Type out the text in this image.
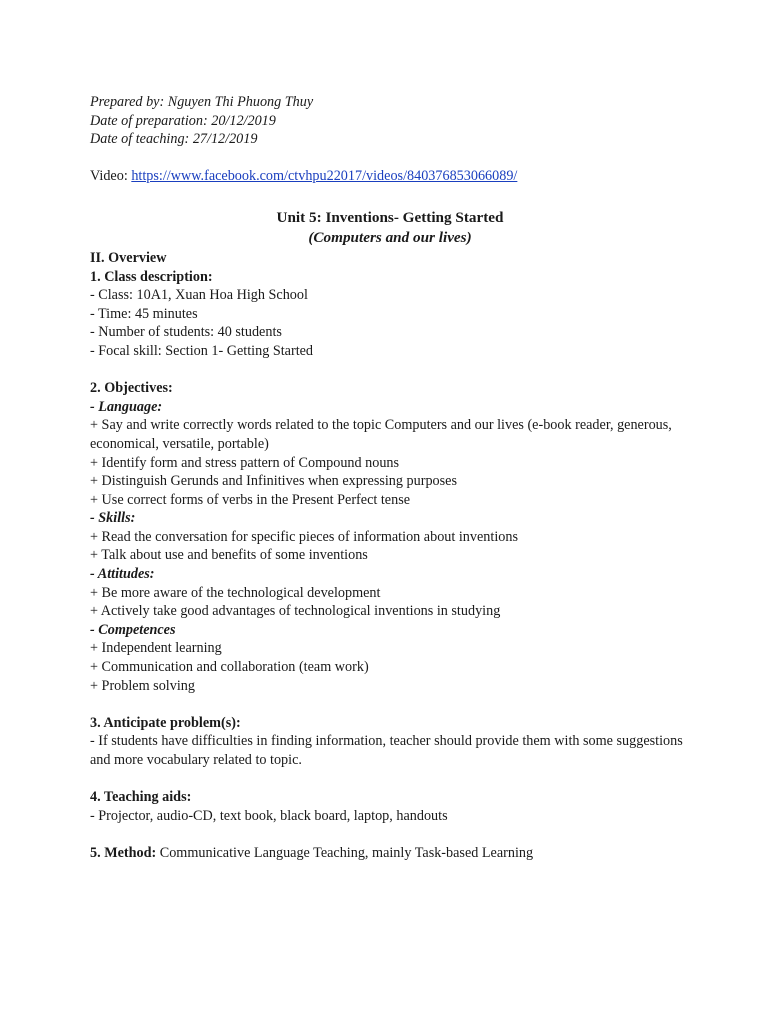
Prepared by: Nguyen Thi Phuong Thuy
Date of preparation: 20/12/2019
Date of teaching: 27/12/2019
Video: https://www.facebook.com/ctvhpu22017/videos/840376853066089/
Unit 5: Inventions- Getting Started
(Computers and our lives)
II. Overview
1. Class description:
- Class: 10A1, Xuan Hoa High School
- Time: 45 minutes
- Number of students: 40 students
- Focal skill: Section 1- Getting Started
2. Objectives:
- Language:
+ Say and write correctly words related to the topic Computers and our lives (e-book reader, generous, economical, versatile, portable)
+ Identify form and stress pattern of Compound nouns
+ Distinguish Gerunds and Infinitives when expressing purposes
+ Use correct forms of verbs in the Present Perfect tense
- Skills:
+ Read the conversation for specific pieces of information about inventions
+ Talk about use and benefits of some inventions
- Attitudes:
+ Be more aware of the technological development
+ Actively take good advantages of technological inventions in studying
- Competences
+ Independent learning
+ Communication and collaboration (team work)
+ Problem solving
3. Anticipate problem(s):
- If students have difficulties in finding information, teacher should provide them with some suggestions and more vocabulary related to topic.
4. Teaching aids:
- Projector, audio-CD, text book, black board, laptop, handouts
5. Method: Communicative Language Teaching, mainly Task-based Learning
